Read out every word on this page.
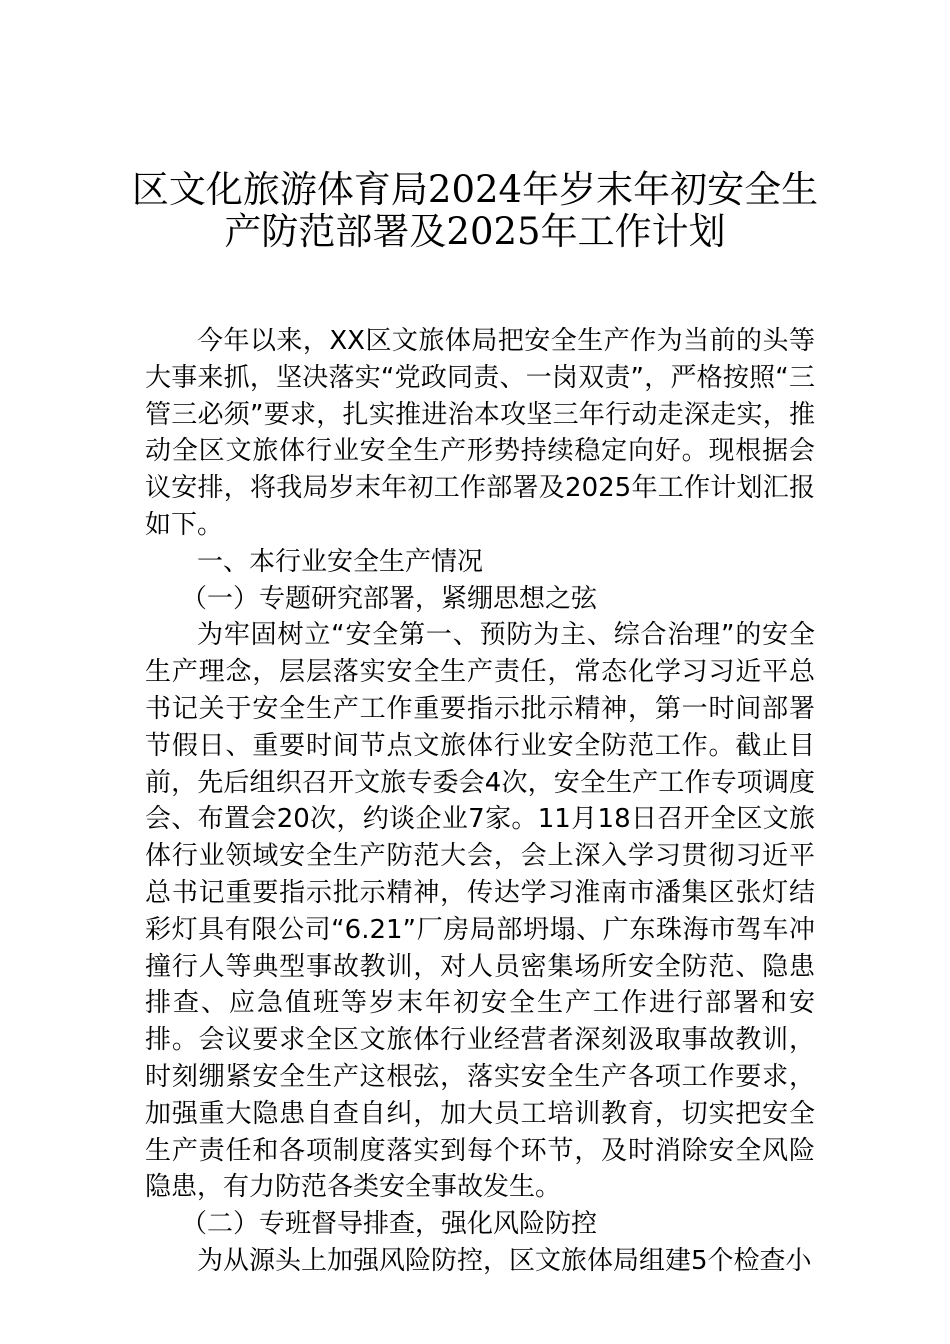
区文化旅游体育局2024年岁末年初安全生
产防范部署及2025年工作计划

今年以来，XX区文旅体局把安全生产作为当前的头等大事来抓，坚决落实“党政同责、一岗双责”，严格按照“三管三必须”要求，扎实推进治本攻坚三年行动走深走实，推动全区文旅体行业安全生产形势持续稳定向好。现根据会议安排，将我局岁末年初工作部署及2025年工作计划汇报如下。

一、本行业安全生产情况

（一）专题研究部署，紧绷思想之弦

为牢固树立“安全第一、预防为主、综合治理”的安全生产理念，层层落实安全生产责任，常态化学习习近平总书记关于安全生产工作重要指示批示精神，第一时间部署节假日、重要时间节点文旅体行业安全防范工作。截止目前，先后组织召开文旅专委会4次，安全生产工作专项调度会、布置会20次，约谈企业7家。11月18日召开全区文旅体行业领域安全生产防范大会，会上深入学习贯彻习近平总书记重要指示批示精神，传达学习淮南市潘集区张灯结彩灯具有限公司“6.21”厂房局部坍塌、广东珠海市驾车冲撞行人等典型事故教训，对人员密集场所安全防范、隐患排查、应急值班等岁末年初安全生产工作进行部署和安排。会议要求全区文旅体行业经营者深刻汲取事故教训，时刻绷紧安全生产这根弦，落实安全生产各项工作要求，加强重大隐患自查自纠，加大员工培训教育，切实把安全生产责任和各项制度落实到每个环节，及时消除安全风险隐患，有力防范各类安全事故发生。

（二）专班督导排查，强化风险防控

为从源头上加强风险防控，区文旅体局组建5个检查小
